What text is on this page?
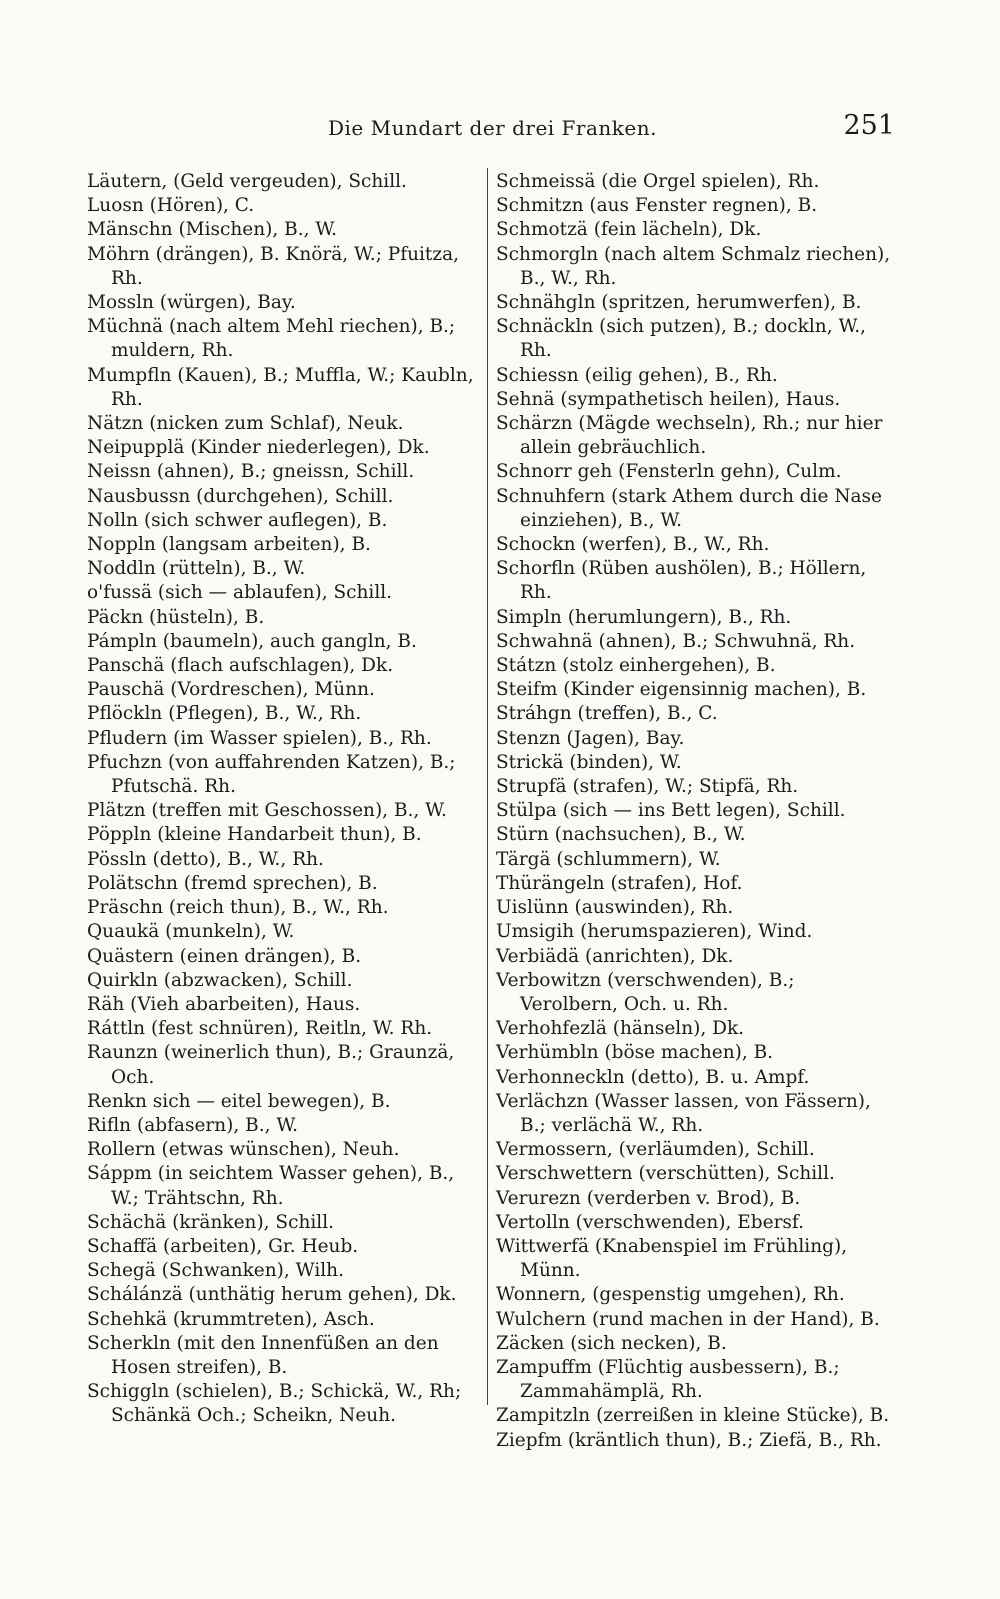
Die Mundart der drei Franken.	251
Läutern, (Geld vergeuden), Schill.
Luosn (Hören), C.
Mänschn (Mischen), B., W.
Möhrn (drängen), B. Knörä, W.; Pfuitza, Rh.
Mossln (würgen), Bay.
Müchnä (nach altem Mehl riechen), B.; muldern, Rh.
Mumpfln (Kauen), B.; Muffla, W.; Kaubln, Rh.
Nätzn (nicken zum Schlaf), Neuk.
Neipupplä (Kinder niederlegen), Dk.
Neissn (ahnen), B.; gneissn, Schill.
Nausbussn (durchgehen), Schill.
Nolln (sich schwer auflegen), B.
Noppln (langsam arbeiten), B.
Noddln (rütteln), B., W.
o'fussä (sich — ablaufen), Schill.
Päckn (hüsteln), B.
Pámpln (baumeln), auch gangln, B.
Panschä (flach aufschlagen), Dk.
Pauschä (Vordreschen), Münn.
Pflöckln (Pflegen), B., W., Rh.
Pfludern (im Wasser spielen), B., Rh.
Pfuchzn (von auffahrenden Katzen), B.; Pfutschä. Rh.
Plätzn (treffen mit Geschossen), B., W.
Pöppln (kleine Handarbeit thun), B.
Pössln (detto), B., W., Rh.
Polätschn (fremd sprechen), B.
Präschn (reich thun), B., W., Rh.
Quaukä (munkeln), W.
Quästern (einen drängen), B.
Quirkln (abzwacken), Schill.
Räh (Vieh abarbeiten), Haus.
Ráttln (fest schnüren), Reitln, W. Rh.
Raunzn (weinerlich thun), B.; Graunzä, Och.
Renkn sich — eitel bewegen), B.
Rifln (abfasern), B., W.
Rollern (etwas wünschen), Neuh.
Sáppm (in seichtem Wasser gehen), B., W.; Trähtschn, Rh.
Schächä (kränken), Schill.
Schaffä (arbeiten), Gr. Heub.
Schegä (Schwanken), Wilh.
Schálánzä (unthätig herum gehen), Dk.
Schehkä (krummtreten), Asch.
Scherkln (mit den Innenfüßen an den Hosen streifen), B.
Schiggln (schielen), B.; Schickä, W., Rh; Schänkä Och.; Scheikn, Neuh.
Schmeissä (die Orgel spielen), Rh.
Schmitzn (aus Fenster regnen), B.
Schmotzä (fein lächeln), Dk.
Schmorgln (nach altem Schmalz riechen), B., W., Rh.
Schnähgln (spritzen, herumwerfen), B.
Schnäckln (sich putzen), B.; dockln, W., Rh.
Schiessn (eilig gehen), B., Rh.
Sehnä (sympathetisch heilen), Haus.
Schärzn (Mägde wechseln), Rh.; nur hier allein gebräuchlich.
Schnorr geh (Fensterln gehn), Culm.
Schnuhfern (stark Athem durch die Nase einziehen), B., W.
Schockn (werfen), B., W., Rh.
Schorfln (Rüben aushölen), B.; Höllern, Rh.
Simpln (herumlungern), B., Rh.
Schwahnä (ahnen), B.; Schwuhnä, Rh.
Státzn (stolz einhergehen), B.
Steifm (Kinder eigensinnig machen), B.
Stráhgn (treffen), B., C.
Stenzn (Jagen), Bay.
Strickä (binden), W.
Strupfä (strafen), W.; Stipfä, Rh.
Stülpa (sich — ins Bett legen), Schill.
Stürn (nachsuchen), B., W.
Tärgä (schlummern), W.
Thürängeln (strafen), Hof.
Uislünn (auswinden), Rh.
Umsigih (herumspazieren), Wind.
Verbiädä (anrichten), Dk.
Verbowitzn (verschwenden), B.; Verolbern, Och. u. Rh.
Verhohfezlä (hänseln), Dk.
Verhümbln (böse machen), B.
Verhonneckln (detto), B. u. Ampf.
Verlächzn (Wasser lassen, von Fässern), B.; verlächä W., Rh.
Vermossern, (verläumden), Schill.
Verschwettern (verschütten), Schill.
Verurezn (verderben v. Brod), B.
Vertolln (verschwenden), Ebersf.
Wittwerfä (Knabenspiel im Frühling), Münn.
Wonnern, (gespenstig umgehen), Rh.
Wulchern (rund machen in der Hand), B.
Zäcken (sich necken), B.
Zampuffm (Flüchtig ausbessern), B.; Zammahämplä, Rh.
Zampitzln (zerreißen in kleine Stücke), B.
Ziepfm (kräntlich thun), B.; Ziefä, B., Rh.
